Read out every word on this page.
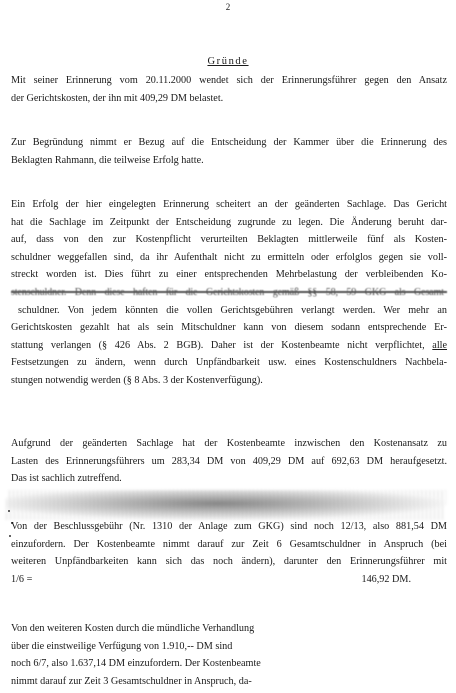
2
Gründe
Mit seiner Erinnerung vom 20.11.2000 wendet sich der Erinnerungsführer gegen den Ansatz
der Gerichtskosten, der ihn mit 409,29 DM belastet.
Zur Begründung nimmt er Bezug auf die Entscheidung der Kammer über die Erinnerung des
Beklagten Rahmann, die teilweise Erfolg hatte.
Ein Erfolg der hier eingelegten Erinnerung scheitert an der geänderten Sachlage. Das Gericht
hat die Sachlage im Zeitpunkt der Entscheidung zugrunde zu legen. Die Änderung beruht dar-
auf, dass von den zur Kostenpflicht verurteilten Beklagten mittlerweile fünf als Kosten-
schuldner weggefallen sind, da ihr Aufenthalt nicht zu ermitteln oder erfolglos gegen sie voll-
streckt worden ist. Dies führt zu einer entsprechenden Mehrbelastung der verbleibenden Ko-
stenschuldner. Denn diese haften für die Gerichtskosten gemäß §§ 58, 59 GKG als Gesamt-
schuldner. Von jedem könnten die vollen Gerichtsgebühren verlangt werden. Wer mehr an
Gerichtskosten gezahlt hat als sein Mitschuldner kann von diesem sodann entsprechende Er-
stattung verlangen (§ 426 Abs. 2 BGB). Daher ist der Kostenbeamte nicht verpflichtet, alle
Festsetzungen zu ändern, wenn durch Unpfändbarkeit usw. eines Kostenschuldners Nachbela-
stungen notwendig werden (§ 8 Abs. 3 der Kostenverfügung).
Aufgrund der geänderten Sachlage hat der Kostenbeamte inzwischen den Kostenansatz zu
Lasten des Erinnerungsführers um 283,34 DM von 409,29 DM auf 692,63 DM heraufgesetzt.
Das ist sachlich zutreffend.
Von der Beschlussgebühr (Nr. 1310 der Anlage zum GKG) sind noch 12/13, also 881,54 DM
einzufordern. Der Kostenbeamte nimmt darauf zur Zeit 6 Gesamtschuldner in Anspruch (bei
weiteren Unpfändbarkeiten kann sich das noch ändern), darunter den Erinnerungsführer mit
1/6 =	146,92 DM.
Von den weiteren Kosten durch die mündliche Verhandlung
über die einstweilige Verfügung von 1.910,-- DM sind
noch 6/7, also 1.637,14 DM einzufordern. Der Kostenbeamte
nimmt darauf zur Zeit 3 Gesamtschuldner in Anspruch, da-
